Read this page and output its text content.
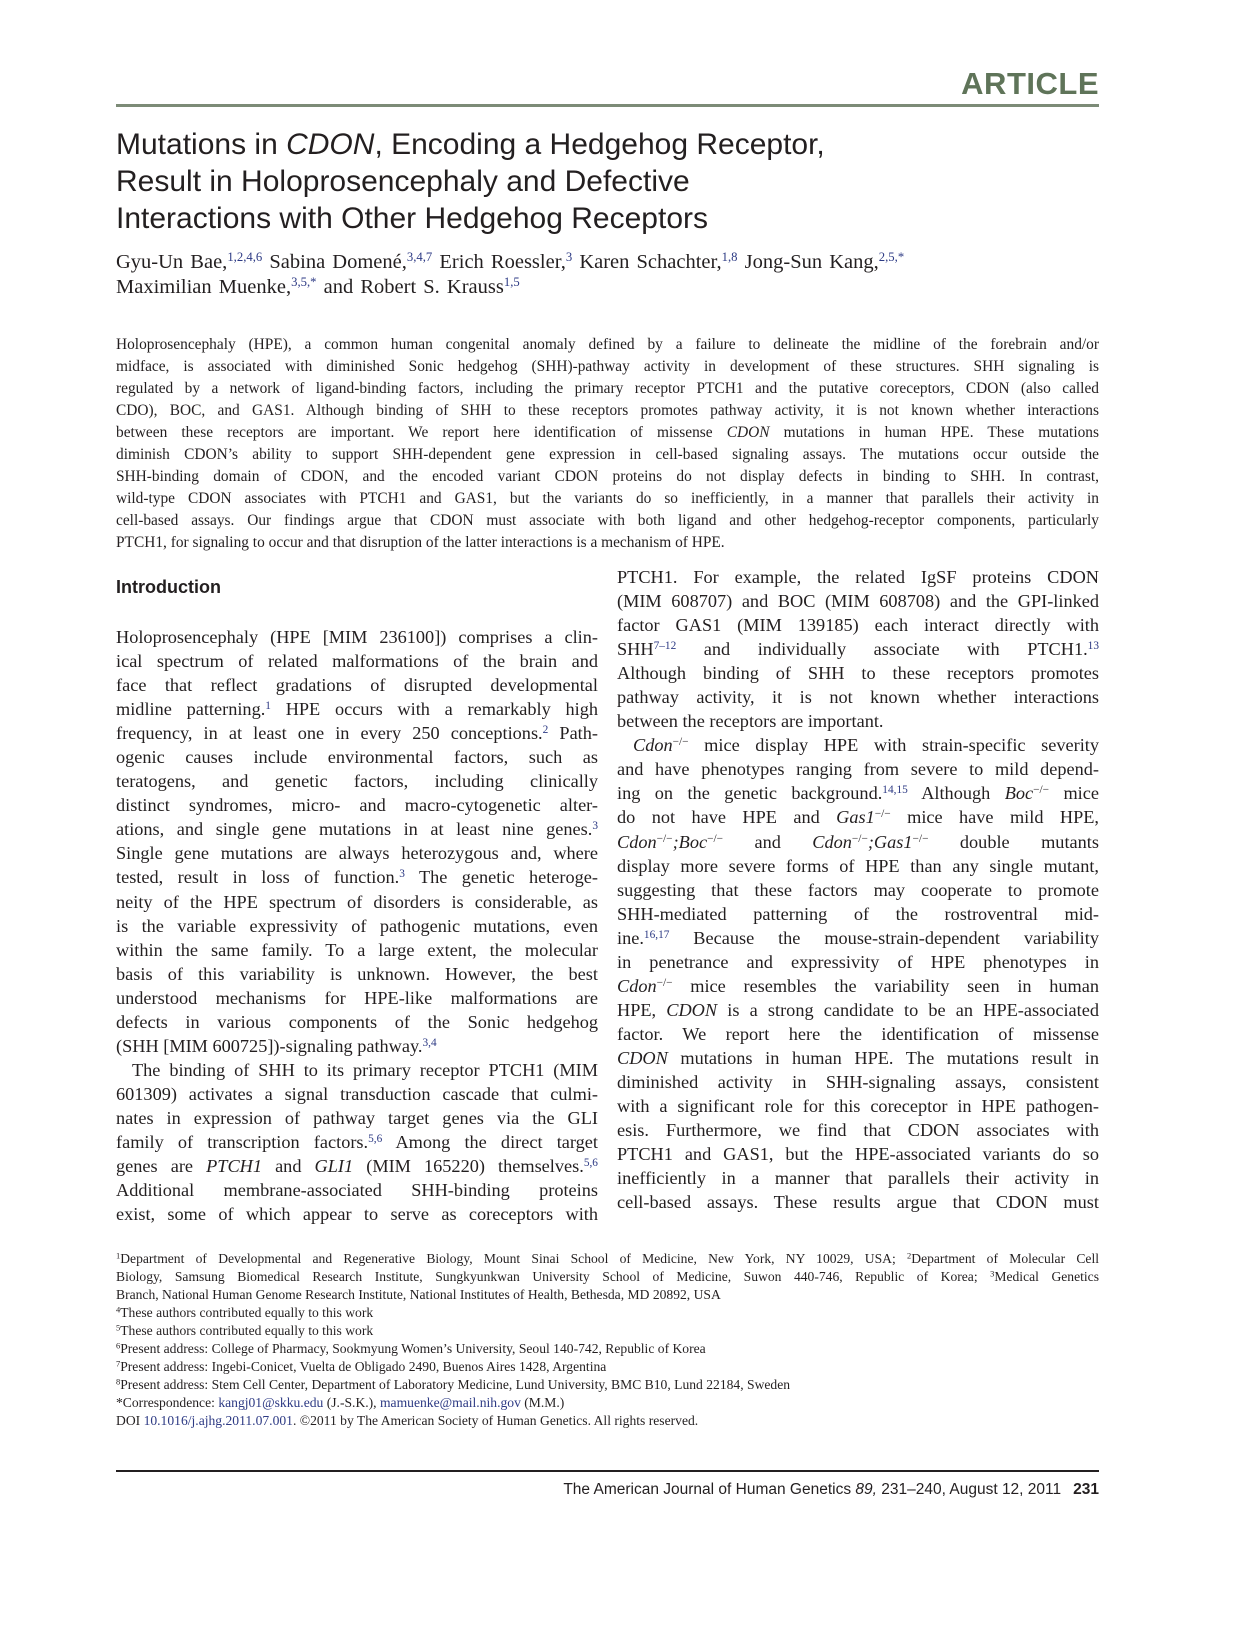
ARTICLE
Mutations in CDON, Encoding a Hedgehog Receptor,
Result in Holoprosencephaly and Defective
Interactions with Other Hedgehog Receptors
Gyu-Un Bae,$^{1,2,4,6}$ Sabina Domené,$^{3,4,7}$ Erich Roessler,$^3$ Karen Schachter,$^{1,8}$ Jong-Sun Kang,$^{2,5,*}$
Maximilian Muenke,$^{3,5,*}$ and Robert S. Krauss$^{1,5}$
Holoprosencephaly (HPE), a common human congenital anomaly defined by a failure to delineate the midline of the forebrain and/or
midface, is associated with diminished Sonic hedgehog (SHH)-pathway activity in development of these structures. SHH signaling is
regulated by a network of ligand-binding factors, including the primary receptor PTCH1 and the putative coreceptors, CDON (also called
CDO), BOC, and GAS1. Although binding of SHH to these receptors promotes pathway activity, it is not known whether interactions
between these receptors are important. We report here identification of missense CDON mutations in human HPE. These mutations
diminish CDON’s ability to support SHH-dependent gene expression in cell-based signaling assays. The mutations occur outside the
SHH-binding domain of CDON, and the encoded variant CDON proteins do not display defects in binding to SHH. In contrast,
wild-type CDON associates with PTCH1 and GAS1, but the variants do so inefficiently, in a manner that parallels their activity in
cell-based assays. Our findings argue that CDON must associate with both ligand and other hedgehog-receptor components, particularly
PTCH1, for signaling to occur and that disruption of the latter interactions is a mechanism of HPE.
Introduction
Holoprosencephaly (HPE [MIM 236100]) comprises a clin-
ical spectrum of related malformations of the brain and
face that reflect gradations of disrupted developmental
midline patterning.$^1$ HPE occurs with a remarkably high
frequency, in at least one in every 250 conceptions.$^2$ Path-
ogenic causes include environmental factors, such as
teratogens, and genetic factors, including clinically
distinct syndromes, micro- and macro-cytogenetic alter-
ations, and single gene mutations in at least nine genes.$^3$
Single gene mutations are always heterozygous and, where
tested, result in loss of function.$^3$ The genetic heteroge-
neity of the HPE spectrum of disorders is considerable, as
is the variable expressivity of pathogenic mutations, even
within the same family. To a large extent, the molecular
basis of this variability is unknown. However, the best
understood mechanisms for HPE-like malformations are
defects in various components of the Sonic hedgehog
(SHH [MIM 600725])-signaling pathway.$^{3,4}$
The binding of SHH to its primary receptor PTCH1 (MIM
601309) activates a signal transduction cascade that culmi-
nates in expression of pathway target genes via the GLI
family of transcription factors.$^{5,6}$ Among the direct target
genes are PTCH1 and GLI1 (MIM 165220) themselves.$^{5,6}$
Additional membrane-associated SHH-binding proteins
exist, some of which appear to serve as coreceptors with
PTCH1. For example, the related IgSF proteins CDON
(MIM 608707) and BOC (MIM 608708) and the GPI-linked
factor GAS1 (MIM 139185) each interact directly with
SHH$^{7-12}$ and individually associate with PTCH1.13
Although binding of SHH to these receptors promotes
pathway activity, it is not known whether interactions
between the receptors are important.
Cdon−/− mice display HPE with strain-specific severity
and have phenotypes ranging from severe to mild depend-
ing on the genetic background.$^{14,15}$ Although Boc−/− mice
do not have HPE and Gas1−/− mice have mild HPE,
Cdon−/−;Boc−/− and Cdon−/−;Gas1−/− double mutants
display more severe forms of HPE than any single mutant,
suggesting that these factors may cooperate to promote
SHH-mediated patterning of the rostroventral mid-
ine.$^{16,17}$ Because the mouse-strain-dependent variability
in penetrance and expressivity of HPE phenotypes in
Cdon−/− mice resembles the variability seen in human
HPE, CDON is a strong candidate to be an HPE-associated
factor. We report here the identification of missense
CDON mutations in human HPE. The mutations result in
diminished activity in SHH-signaling assays, consistent
with a significant role for this coreceptor in HPE pathogen-
esis. Furthermore, we find that CDON associates with
PTCH1 and GAS1, but the HPE-associated variants do so
inefficiently in a manner that parallels their activity in
cell-based assays. These results argue that CDON must
$^1$Department of Developmental and Regenerative Biology, Mount Sinai School of Medicine, New York, NY 10029, USA; $^2$Department of Molecular Cell
Biology, Samsung Biomedical Research Institute, Sungkyunkwan University School of Medicine, Suwon 440-746, Republic of Korea; $^3$Medical Genetics
Branch, National Human Genome Research Institute, National Institutes of Health, Bethesda, MD 20892, USA
$^4$These authors contributed equally to this work
$^5$These authors contributed equally to this work
$^6$Present address: College of Pharmacy, Sookmyung Women’s University, Seoul 140-742, Republic of Korea
$^7$Present address: Ingebi-Conicet, Vuelta de Obligado 2490, Buenos Aires 1428, Argentina
$^8$Present address: Stem Cell Center, Department of Laboratory Medicine, Lund University, BMC B10, Lund 22184, Sweden
*Correspondence: kangj01@skku.edu (J.-S.K.), mamuenke@mail.nih.gov (M.M.)
DOI 10.1016/j.ajhg.2011.07.001. ©2011 by The American Society of Human Genetics. All rights reserved.
The American Journal of Human Genetics 89, 231–240, August 12, 2011 231
